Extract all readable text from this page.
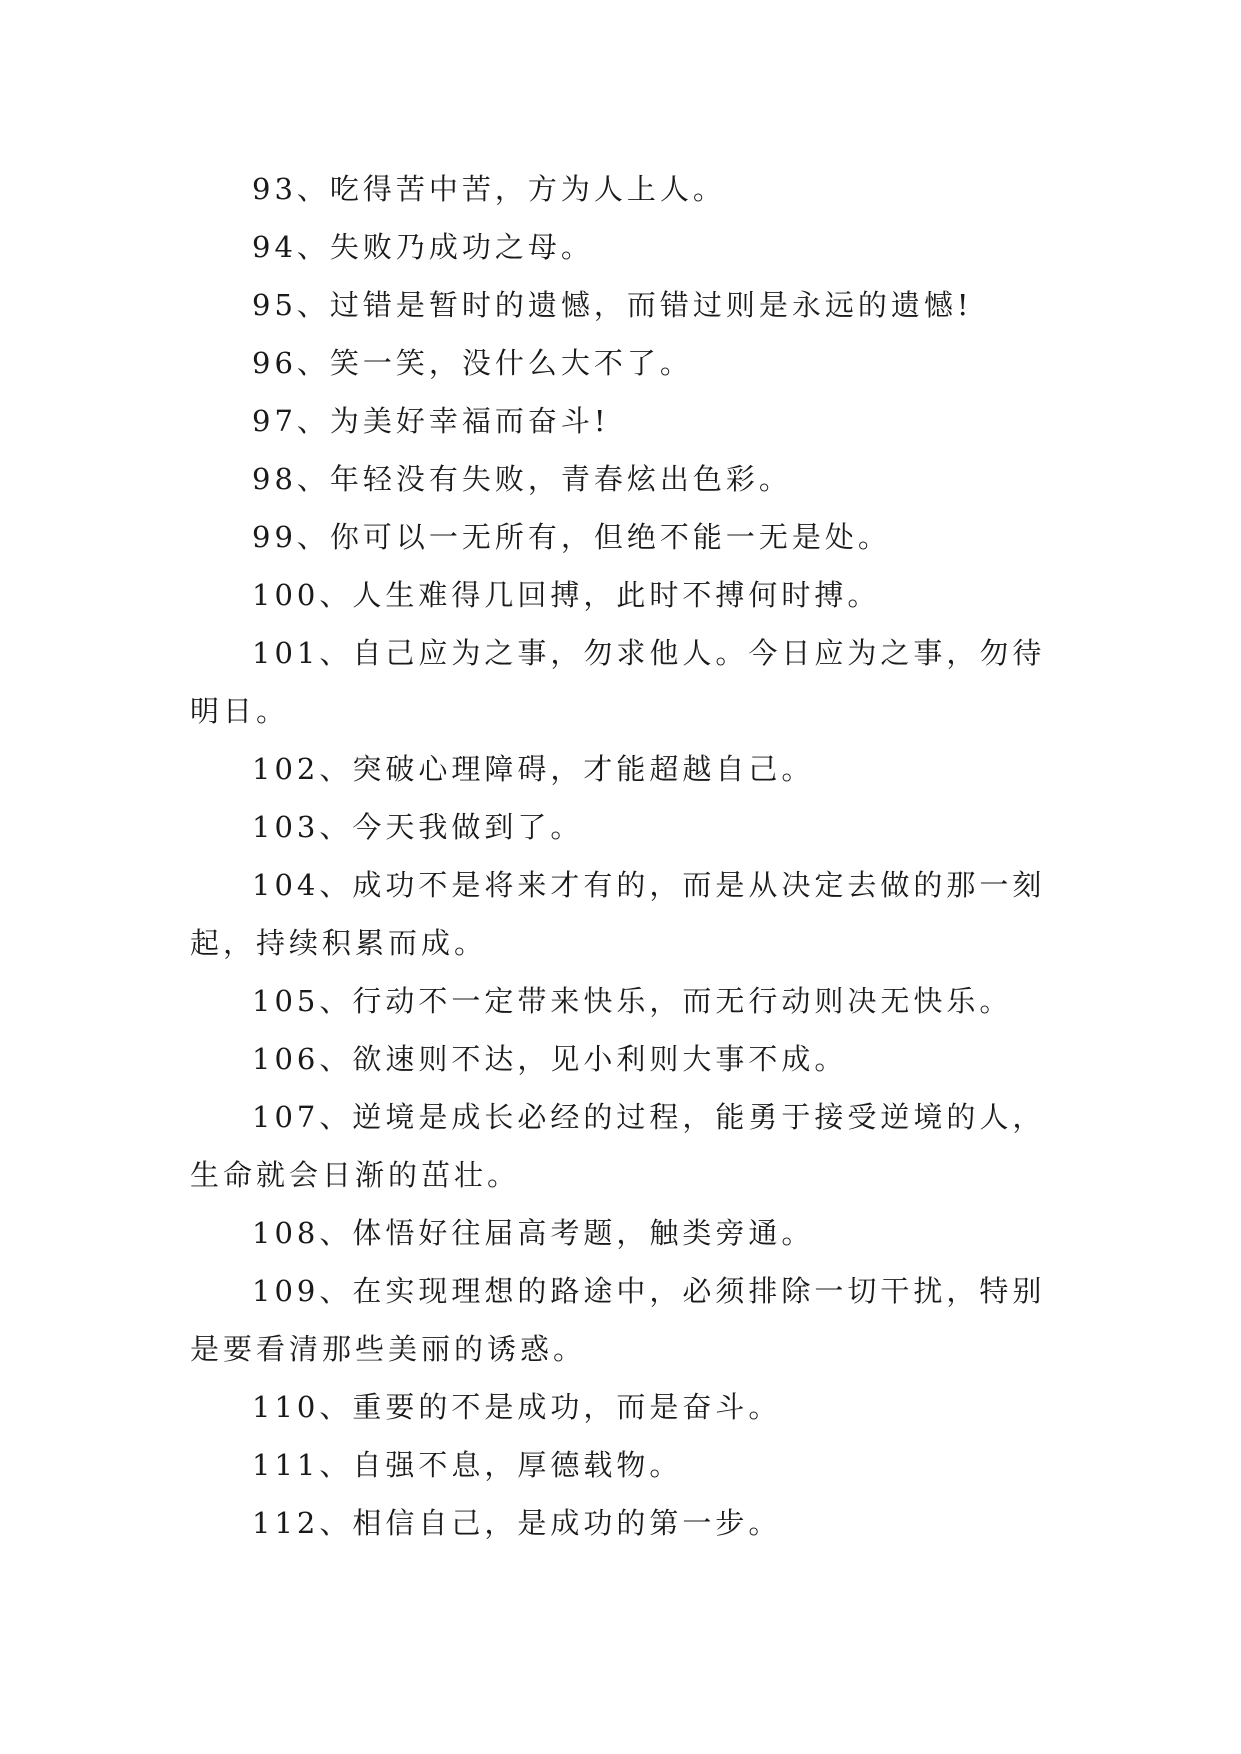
93、吃得苦中苦，方为人上人。

94、失败乃成功之母。

95、过错是暂时的遗憾，而错过则是永远的遗憾!

96、笑一笑，没什么大不了。

97、为美好幸福而奋斗!

98、年轻没有失败，青春炫出色彩。

99、你可以一无所有，但绝不能一无是处。

100、人生难得几回搏，此时不搏何时搏。

101、自己应为之事，勿求他人。今日应为之事，勿待明日。

102、突破心理障碍，才能超越自己。

103、今天我做到了。

104、成功不是将来才有的，而是从决定去做的那一刻起，持续积累而成。

105、行动不一定带来快乐，而无行动则决无快乐。

106、欲速则不达，见小利则大事不成。

107、逆境是成长必经的过程，能勇于接受逆境的人，生命就会日渐的茁壮。

108、体悟好往届高考题，触类旁通。

109、在实现理想的路途中，必须排除一切干扰，特别是要看清那些美丽的诱惑。

110、重要的不是成功，而是奋斗。

111、自强不息，厚德载物。

112、相信自己，是成功的第一步。
